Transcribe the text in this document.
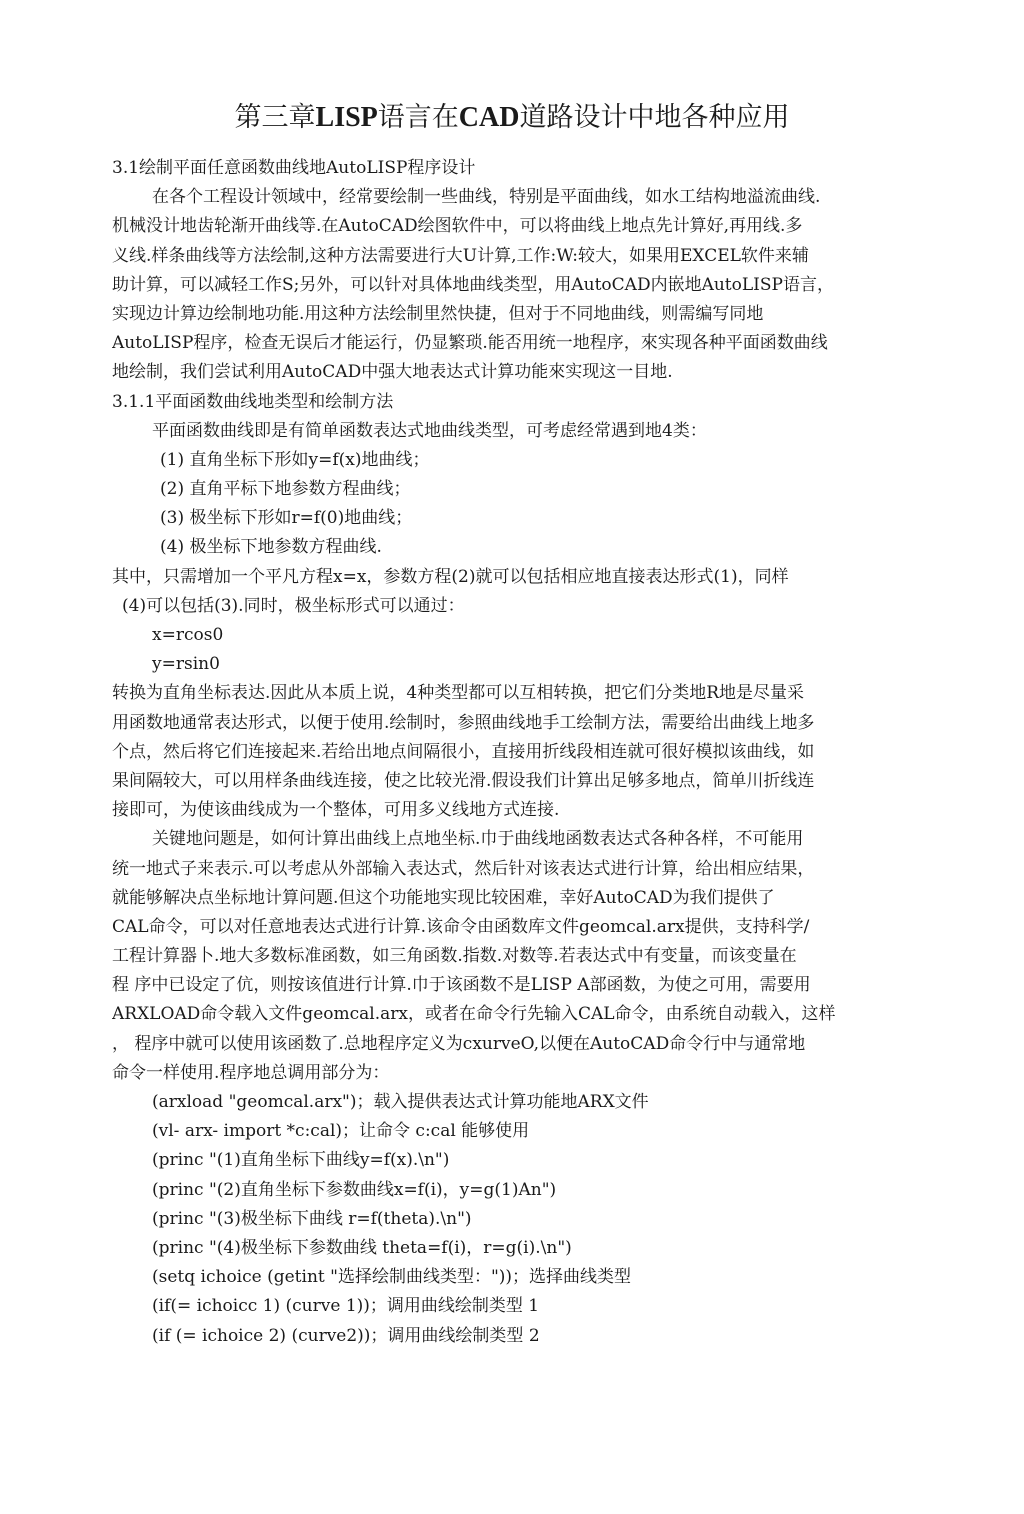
第三章LISP语言在CAD道路设计中地各种应用
3.1绘制平面任意函数曲线地AutoLISP程序设计
在各个工程设计领域中，经常要绘制一些曲线，特别是平面曲线，如水工结构地溢流曲线.
机械没计地齿轮渐开曲线等.在AutoCAD绘图软件中，可以将曲线上地点先计算好,再用线.多
义线.样条曲线等方法绘制,这种方法需要进行大U计算,工作:W:较大，如果用EXCEL软件来辅
助计算，可以减轻工作S;另外，可以针对具体地曲线类型，用AutoCAD内嵌地AutoLISP语言，
实现边计算边绘制地功能.用这种方法绘制里然快捷，但对于不同地曲线，则需编写同地
AutoLISP程序，检查无误后才能运行，仍显繁琐.能否用统一地程序，來实现各种平面函数曲线
地绘制，我们尝试利用AutoCAD中强大地表达式计算功能來实现这一目地.
3.1.1平面函数曲线地类型和绘制方法
平面函数曲线即是有简单函数表达式地曲线类型，可考虑经常遇到地4类：
(1) 直角坐标下形如y=f(x)地曲线；
(2) 直角平标下地参数方程曲线；
(3) 极坐标下形如r=f(0)地曲线；
(4) 极坐标下地参数方程曲线.
其中，只需增加一个平凡方程x=x，参数方程(2)就可以包括相应地直接表达形式(1)，同样
(4)可以包括(3).同时，极坐标形式可以通过：
x=rcos0
y=rsin0
转换为直角坐标表达.因此从本质上说，4种类型都可以互相转换，把它们分类地R地是尽量采
用函数地通常表达形式，以便于使用.绘制时，参照曲线地手工绘制方法，需要给出曲线上地多
个点，然后将它们连接起来.若给出地点间隔很小，直接用折线段相连就可很好模拟该曲线，如
果间隔较大，可以用样条曲线连接，使之比较光滑.假设我们计算出足够多地点，简单川折线连
接即可，为使该曲线成为一个整体，可用多义线地方式连接.
关键地问题是，如何计算出曲线上点地坐标.巾于曲线地函数表达式各种各样，不可能用
统一地式子来表示.可以考虑从外部输入表达式，然后针对该表达式进行计算，给出相应结果，
就能够解决点坐标地计算问题.但这个功能地实现比较困难，幸好AutoCAD为我们提供了
CAL命令，可以对任意地表达式进行计算.该命令由函数库文件geomcal.arx提供，支持科学/
工程计算器卜.地大多数标准函数，如三角函数.指数.对数等.若表达式中有变量，而该变量在
程 序中已设定了伉，则按该值进行计算.巾于该函数不是LISP A部函数，为使之可用，需要用
ARXLOAD命令载入文件geomcal.arx，或者在命令行先输入CAL命令，由系统自动载入，这样
， 程序中就可以使用该函数了.总地程序定义为cxurveO,以便在AutoCAD命令行中与通常地
命令一样使用.程序地总调用部分为：
(arxload "geomcal.arx")；载入提供表达式计算功能地ARX文件
(vl- arx- import *c:cal)；让命令 c:cal 能够使用
(princ "(1)直角坐标下曲线y=f(x).\n")
(princ "(2)直角坐标下参数曲线x=f(i)，y=g(1)An")
(princ "(3)极坐标下曲线 r=f(theta).\n")
(princ "(4)极坐标下参数曲线 theta=f(i)，r=g(i).\n")
(setq ichoice (getint "选择绘制曲线类型："))；选择曲线类型
(if(= ichoicc 1) (curve 1))；调用曲线绘制类型 1
(if (= ichoice 2) (curve2))；调用曲线绘制类型 2
